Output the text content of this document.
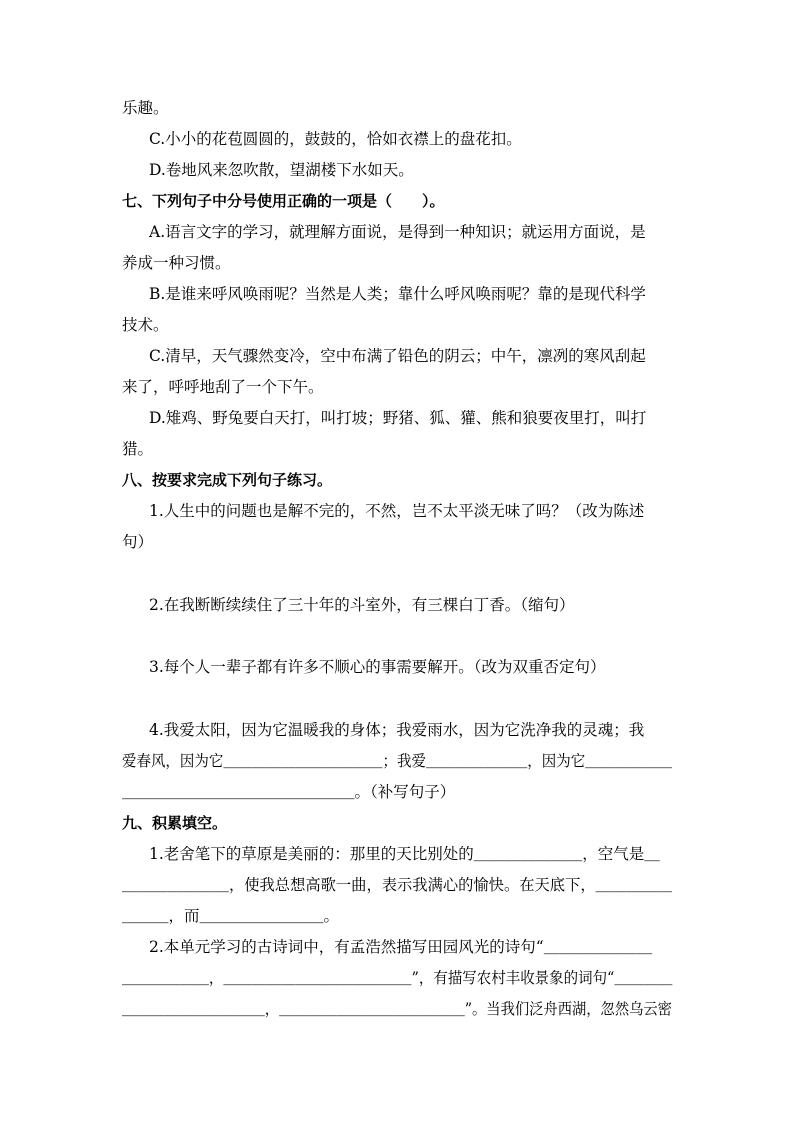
乐趣。
C.小小的花苞圆圆的，鼓鼓的，恰如衣襟上的盘花扣。
D.卷地风来忽吹散，望湖楼下水如天。
七、下列句子中分号使用正确的一项是（　　）。
A.语言文字的学习，就理解方面说，是得到一种知识；就运用方面说，是
养成一种习惯。
B.是谁来呼风唤雨呢？当然是人类；靠什么呼风唤雨呢？靠的是现代科学
技术。
C.清早，天气骤然变冷，空中布满了铅色的阴云；中午，凛冽的寒风刮起
来了，呼呼地刮了一个下午。
D.雉鸡、野兔要白天打，叫打坡；野猪、狐、獾、熊和狼要夜里打，叫打
猎。
八、按要求完成下列句子练习。
1.人生中的问题也是解不完的，不然，岂不太平淡无味了吗？（改为陈述
句）
2.在我断断续续住了三十年的斗室外，有三棵白丁香。（缩句）
3.每个人一辈子都有许多不顺心的事需要解开。（改为双重否定句）
4.我爱太阳，因为它温暖我的身体；我爱雨水，因为它洗净我的灵魂；我
爱春风，因为它＿＿＿＿＿＿＿＿＿＿＿；我爱＿＿＿＿＿＿＿，因为它＿＿＿＿＿＿
＿＿＿＿＿＿＿＿＿＿＿＿＿＿＿。（补写句子）
九、积累填空。
1.老舍笔下的草原是美丽的：那里的天比别处的＿＿＿＿＿＿＿，空气是＿
＿＿＿＿＿＿＿，使我总想高歌一曲，表示我满心的愉快。在天底下，＿＿＿＿＿
＿＿＿，而＿＿＿＿＿＿＿＿。
2.本单元学习的古诗词中，有孟浩然描写田园风光的诗句“＿＿＿＿＿＿＿
＿＿＿＿＿＿，＿＿＿＿＿＿＿＿＿＿＿＿＿”，有描写农村丰收景象的词句“＿＿＿＿
＿＿＿＿＿＿＿＿＿＿，＿＿＿＿＿＿＿＿＿＿＿＿＿”。当我们泛舟西湖，忽然乌云密
